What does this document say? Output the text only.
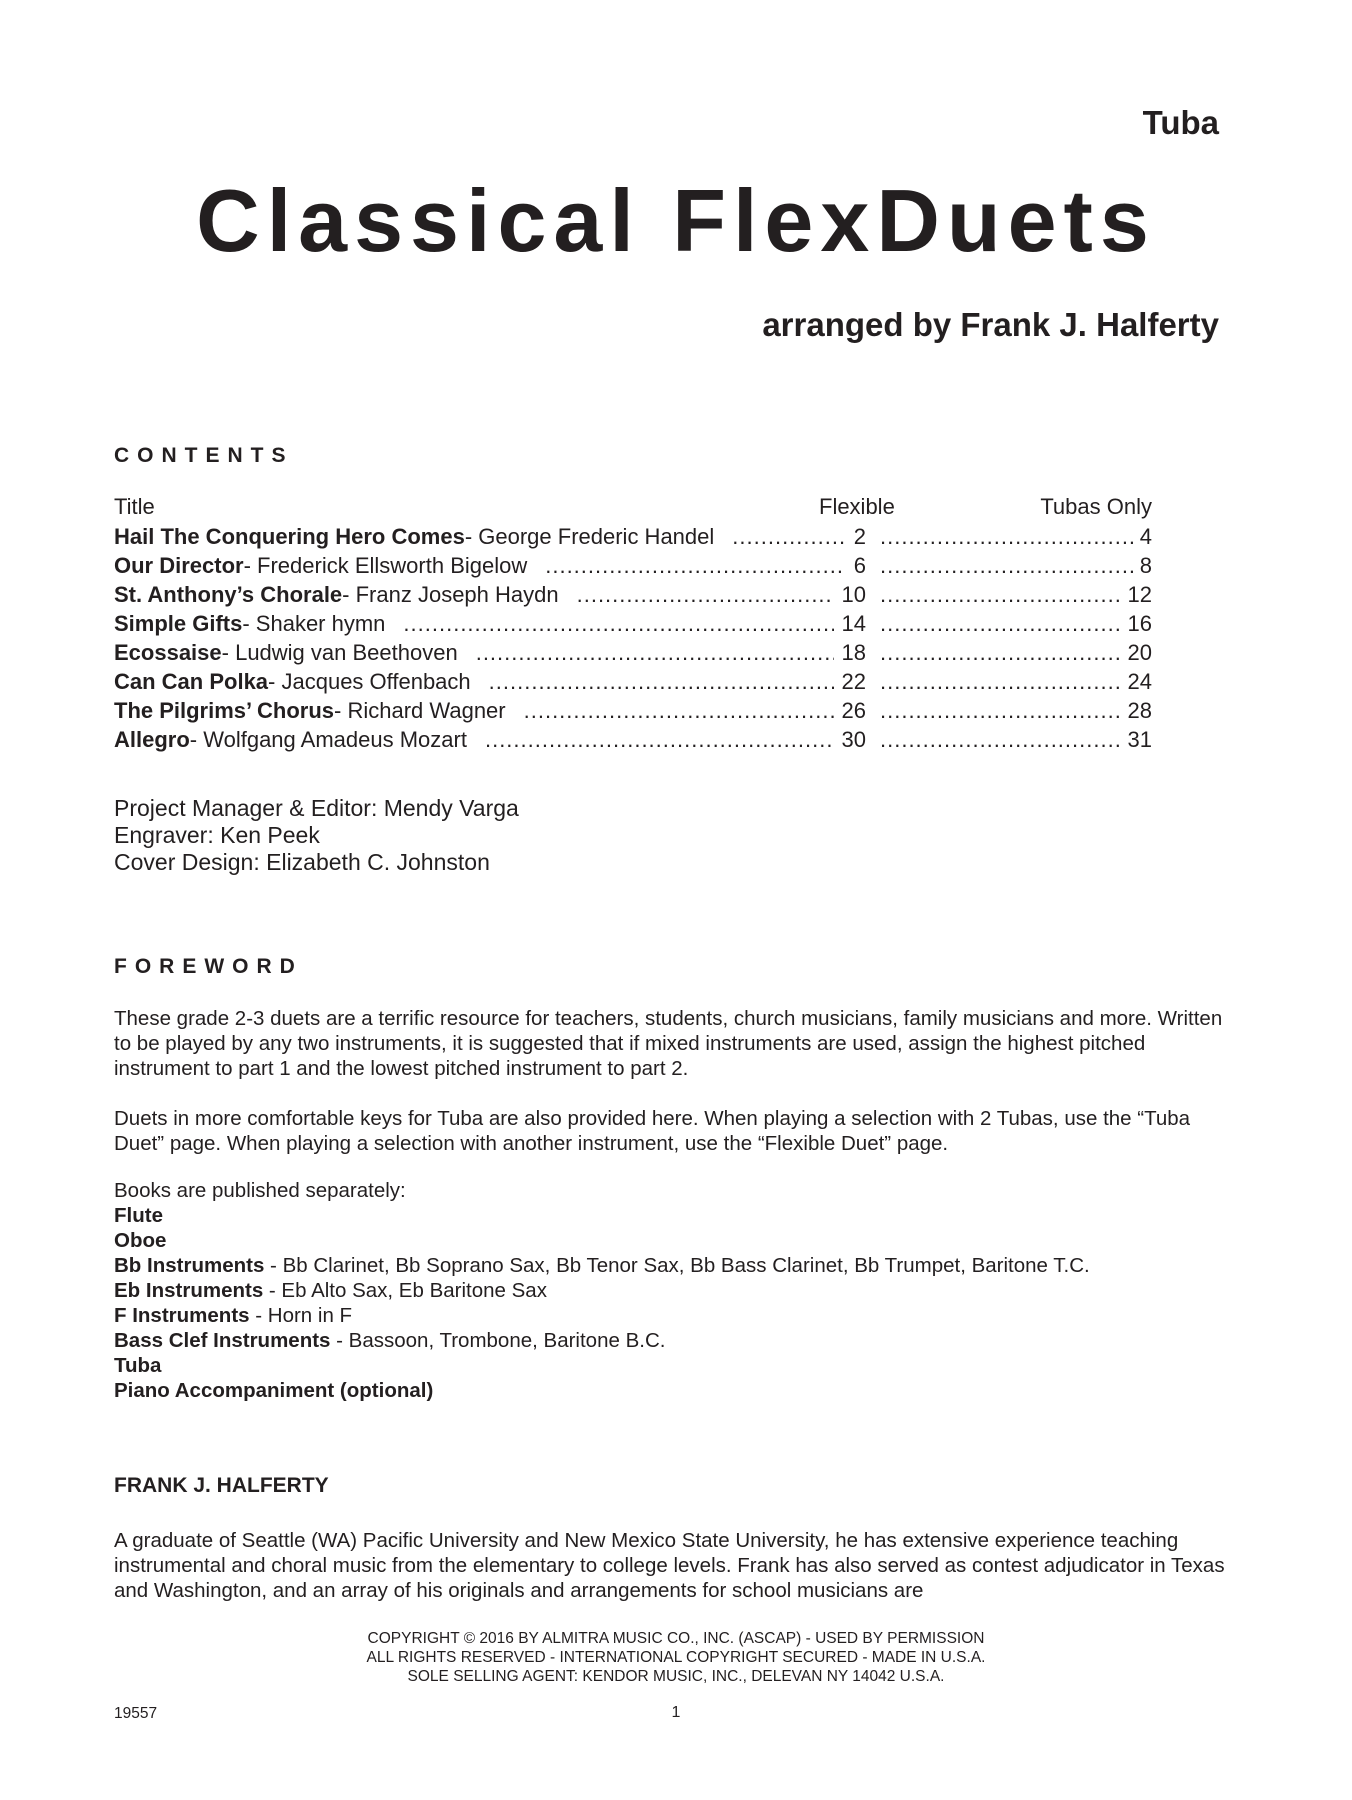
Tuba
Classical FlexDuets
arranged by Frank J. Halferty
CONTENTS
Title	Flexible	Tubas Only
Hail The Conquering Hero Comes - George Frederic Handel .....	2 .....	4
Our Director - Frederick Ellsworth Bigelow .....	6 .....	8
St. Anthony’s Chorale - Franz Joseph Haydn .....	10 .....	12
Simple Gifts - Shaker hymn .....	14 .....	16
Ecossaise - Ludwig van Beethoven .....	18 .....	20
Can Can Polka - Jacques Offenbach .....	22 .....	24
The Pilgrims’ Chorus - Richard Wagner .....	26 .....	28
Allegro - Wolfgang Amadeus Mozart .....	30 .....	31
Project Manager & Editor: Mendy Varga
Engraver: Ken Peek
Cover Design: Elizabeth C. Johnston
FOREWORD
These grade 2-3 duets are a terrific resource for teachers, students, church musicians, family musicians and more. Written to be played by any two instruments, it is suggested that if mixed instruments are used, assign the highest pitched instrument to part 1 and the lowest pitched instrument to part 2.
Duets in more comfortable keys for Tuba are also provided here. When playing a selection with 2 Tubas, use the “Tuba Duet” page. When playing a selection with another instrument, use the “Flexible Duet” page.
Books are published separately:
Flute
Oboe
Bb Instruments - Bb Clarinet, Bb Soprano Sax, Bb Tenor Sax, Bb Bass Clarinet, Bb Trumpet, Baritone T.C.
Eb Instruments - Eb Alto Sax, Eb Baritone Sax
F Instruments - Horn in F
Bass Clef Instruments - Bassoon, Trombone, Baritone B.C.
Tuba
Piano Accompaniment (optional)
FRANK J. HALFERTY
A graduate of Seattle (WA) Pacific University and New Mexico State University, he has extensive experience teaching instrumental and choral music from the elementary to college levels. Frank has also served as contest adjudicator in Texas and Washington, and an array of his originals and arrangements for school musicians are
COPYRIGHT © 2016 BY ALMITRA MUSIC CO., INC. (ASCAP) - USED BY PERMISSION
ALL RIGHTS RESERVED - INTERNATIONAL COPYRIGHT SECURED - MADE IN U.S.A.
SOLE SELLING AGENT: KENDOR MUSIC, INC., DELEVAN NY 14042 U.S.A.
19557	1
